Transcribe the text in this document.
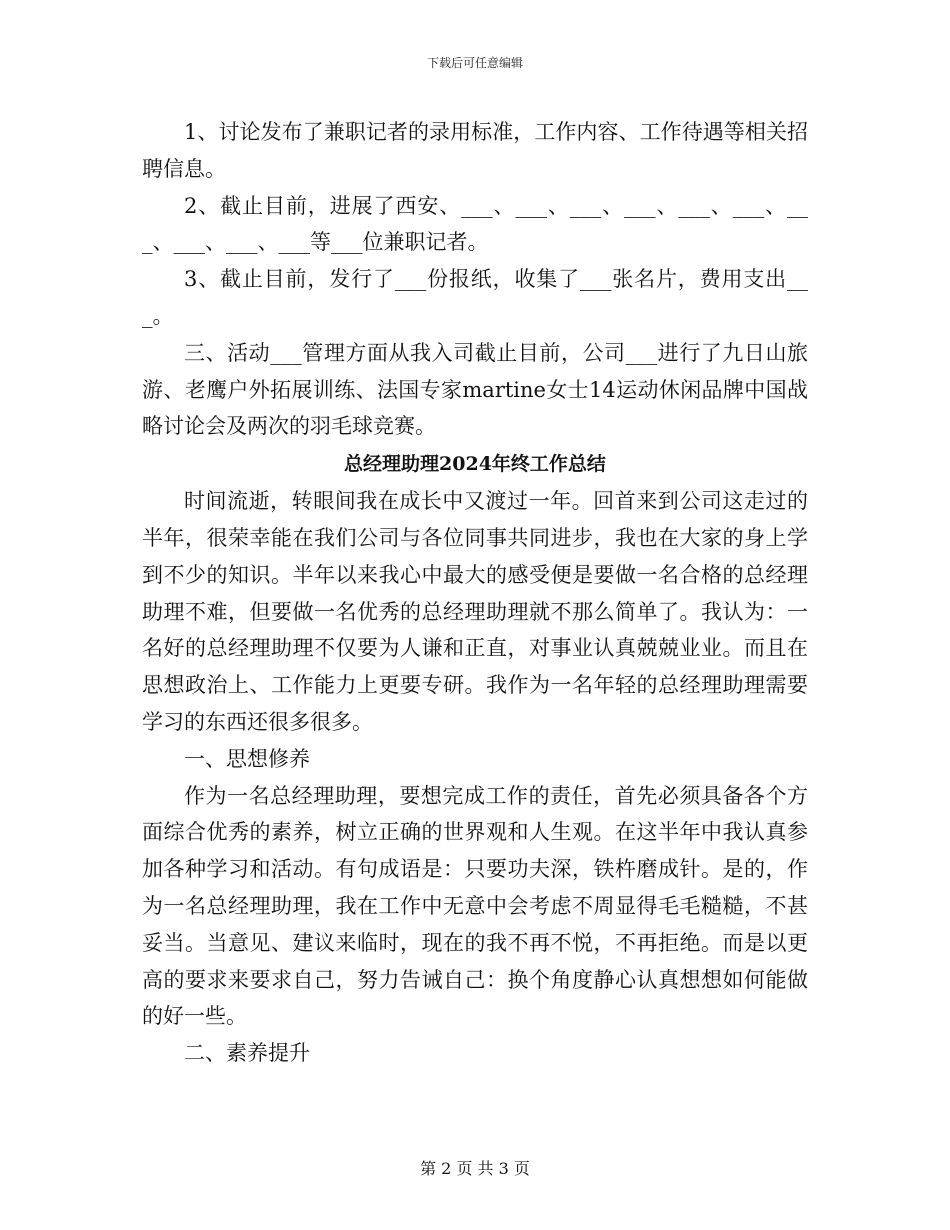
下载后可任意编辑

1、讨论发布了兼职记者的录用标准，工作内容、工作待遇等相关招聘信息。

2、截止目前，进展了西安、___、___、___、___、___、___、___、___、___、___等___位兼职记者。

3、截止目前，发行了___份报纸，收集了___张名片，费用支出___。

三、活动___管理方面从我入司截止目前，公司___进行了九日山旅游、老鹰户外拓展训练、法国专家martine女士14运动休闲品牌中国战略讨论会及两次的羽毛球竞赛。

总经理助理2024年终工作总结

时间流逝，转眼间我在成长中又渡过一年。回首来到公司这走过的半年，很荣幸能在我们公司与各位同事共同进步，我也在大家的身上学到不少的知识。半年以来我心中最大的感受便是要做一名合格的总经理助理不难，但要做一名优秀的总经理助理就不那么简单了。我认为：一名好的总经理助理不仅要为人谦和正直，对事业认真兢兢业业。而且在思想政治上、工作能力上更要专研。我作为一名年轻的总经理助理需要学习的东西还很多很多。

一、思想修养

作为一名总经理助理，要想完成工作的责任，首先必须具备各个方面综合优秀的素养，树立正确的世界观和人生观。在这半年中我认真参加各种学习和活动。有句成语是：只要功夫深，铁杵磨成针。是的，作为一名总经理助理，我在工作中无意中会考虑不周显得毛毛糙糙，不甚妥当。当意见、建议来临时，现在的我不再不悦，不再拒绝。而是以更高的要求来要求自己，努力告诫自己：换个角度静心认真想想如何能做的好一些。

二、素养提升

第 2 页 共 3 页
